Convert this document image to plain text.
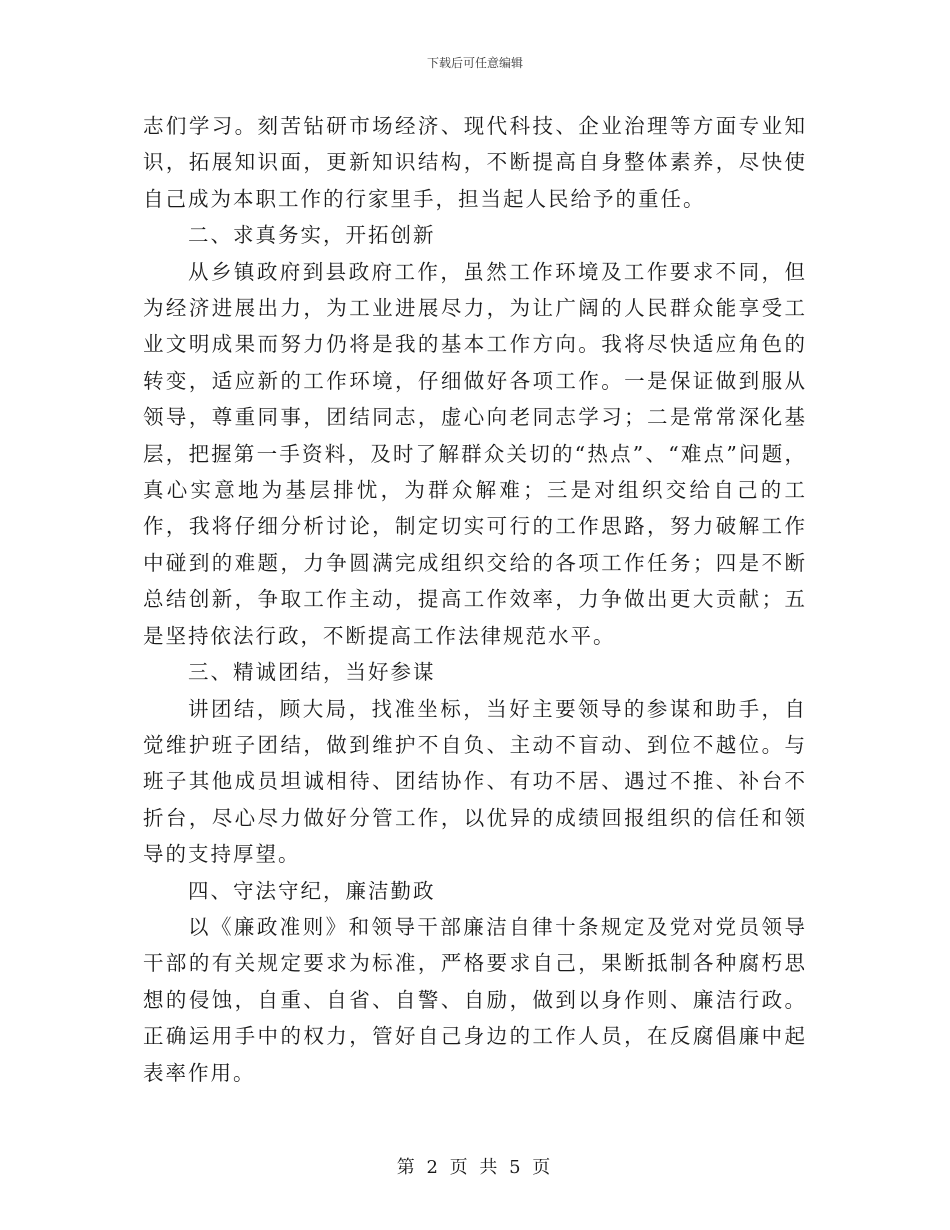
下载后可任意编辑

志们学习。刻苦钻研市场经济、现代科技、企业治理等方面专业知识，拓展知识面，更新知识结构，不断提高自身整体素养，尽快使自己成为本职工作的行家里手，担当起人民给予的重任。

二、求真务实，开拓创新

从乡镇政府到县政府工作，虽然工作环境及工作要求不同，但为经济进展出力，为工业进展尽力，为让广阔的人民群众能享受工业文明成果而努力仍将是我的基本工作方向。我将尽快适应角色的转变，适应新的工作环境，仔细做好各项工作。一是保证做到服从领导，尊重同事，团结同志，虚心向老同志学习；二是常常深化基层，把握第一手资料，及时了解群众关切的“热点”、“难点”问题，真心实意地为基层排忧，为群众解难；三是对组织交给自己的工作，我将仔细分析讨论，制定切实可行的工作思路，努力破解工作中碰到的难题，力争圆满完成组织交给的各项工作任务；四是不断总结创新，争取工作主动，提高工作效率，力争做出更大贡献；五是坚持依法行政，不断提高工作法律规范水平。

三、精诚团结，当好参谋

讲团结，顾大局，找准坐标，当好主要领导的参谋和助手，自觉维护班子团结，做到维护不自负、主动不盲动、到位不越位。与班子其他成员坦诚相待、团结协作、有功不居、遇过不推、补台不折台，尽心尽力做好分管工作，以优异的成绩回报组织的信任和领导的支持厚望。

四、守法守纪，廉洁勤政

以《廉政准则》和领导干部廉洁自律十条规定及党对党员领导干部的有关规定要求为标准，严格要求自己，果断抵制各种腐朽思想的侵蚀，自重、自省、自警、自励，做到以身作则、廉洁行政。正确运用手中的权力，管好自己身边的工作人员，在反腐倡廉中起表率作用。

第 2 页 共 5 页
